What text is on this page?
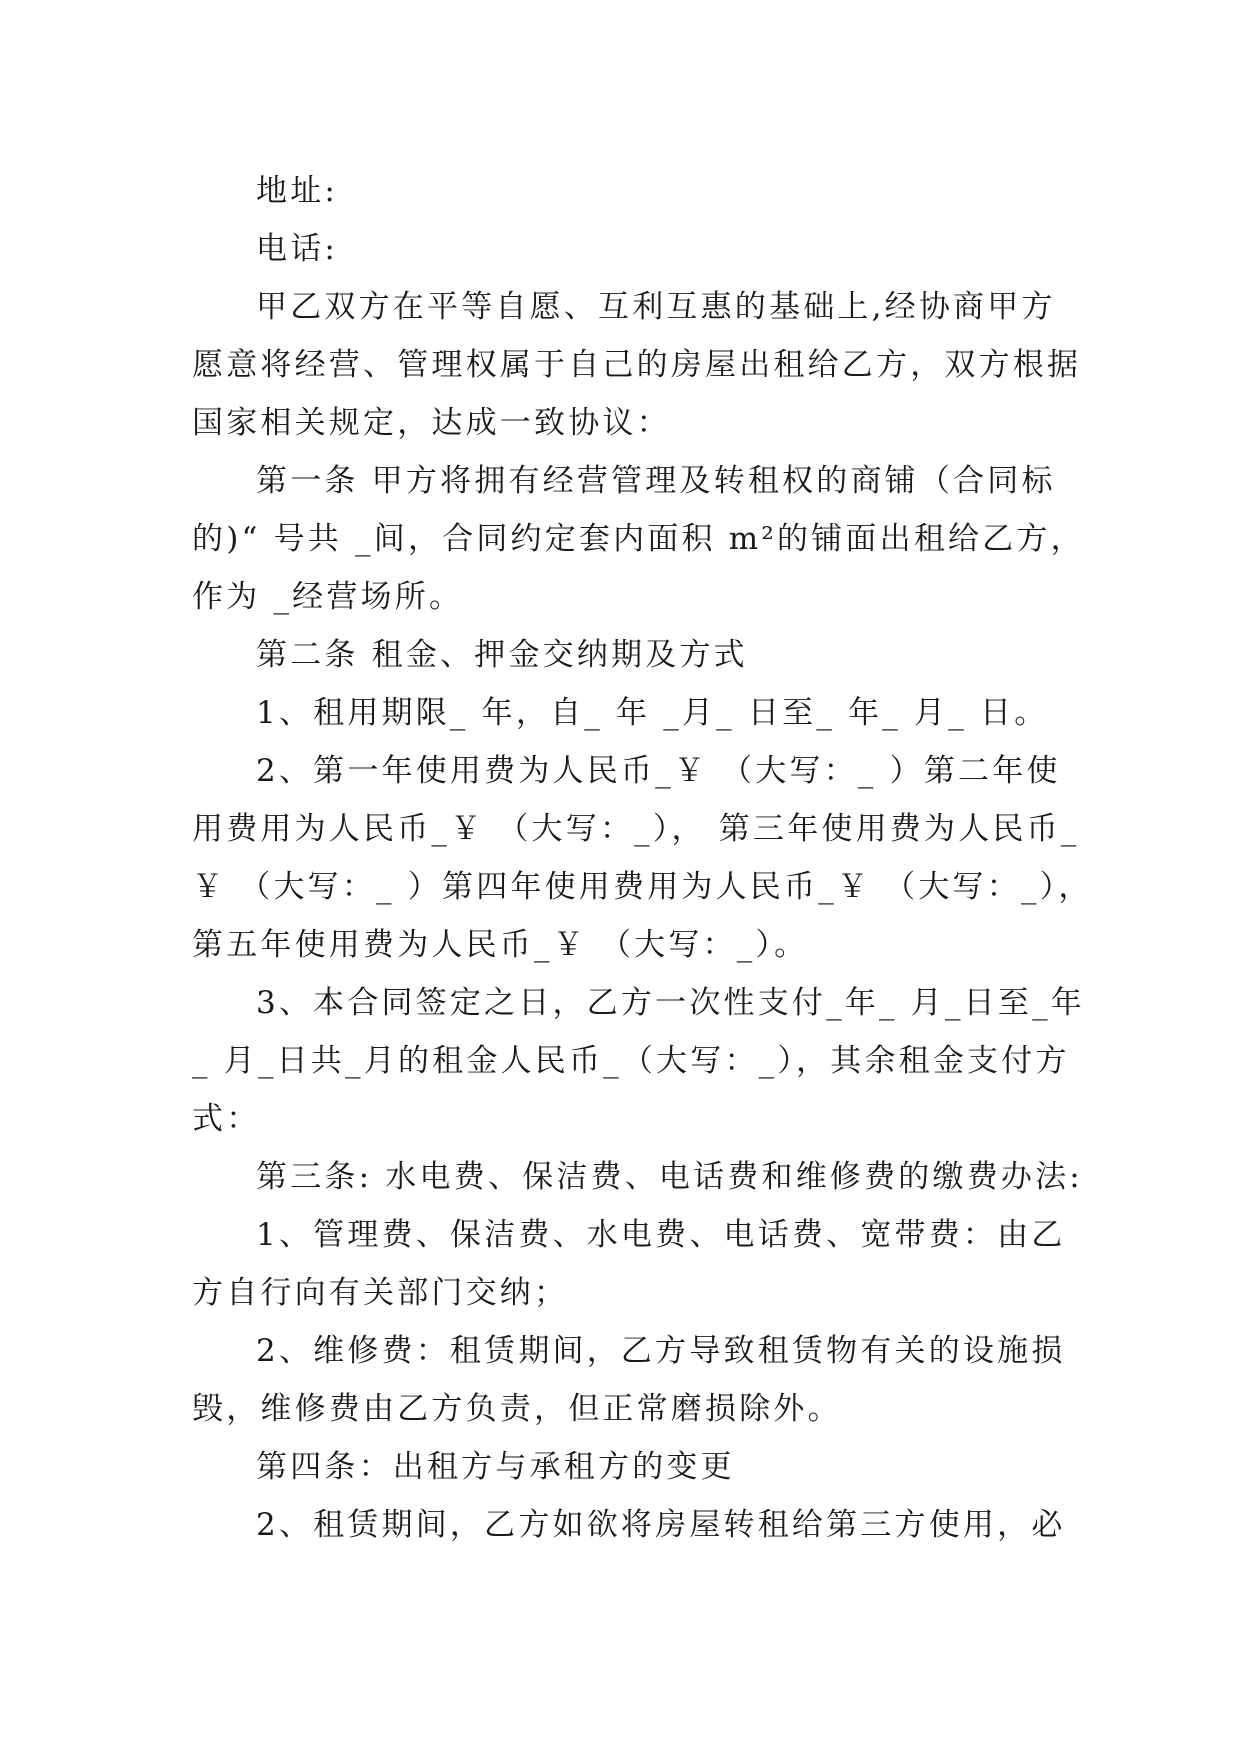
地址:
电话:
甲乙双方在平等自愿、互利互惠的基础上,经协商甲方
愿意将经营、管理权属于自己的房屋出租给乙方，双方根据
国家相关规定，达成一致协议：
第一条 甲方将拥有经营管理及转租权的商铺（合同标
的)“ 号共 _间，合同约定套内面积 m²的铺面出租给乙方，
作为 _经营场所。
第二条 租金、押金交纳期及方式
1、租用期限_ 年，自_ 年 _月_ 日至_ 年_ 月_ 日。
2、第一年使用费为人民币_￥ （大写：_ ）第二年使
用费用为人民币_￥ （大写：_）， 第三年使用费为人民币_
￥ （大写：_ ）第四年使用费用为人民币_￥ （大写：_），
第五年使用费为人民币_￥ （大写：_）。
3、本合同签定之日，乙方一次性支付_年_ 月_日至_年
_ 月_日共_月的租金人民币_（大写：_），其余租金支付方
式：
第三条: 水电费、保洁费、电话费和维修费的缴费办法:
1、管理费、保洁费、水电费、电话费、宽带费：由乙
方自行向有关部门交纳；
2、维修费：租赁期间，乙方导致租赁物有关的设施损
毁，维修费由乙方负责，但正常磨损除外。
第四条：出租方与承租方的变更
2、租赁期间，乙方如欲将房屋转租给第三方使用，必
